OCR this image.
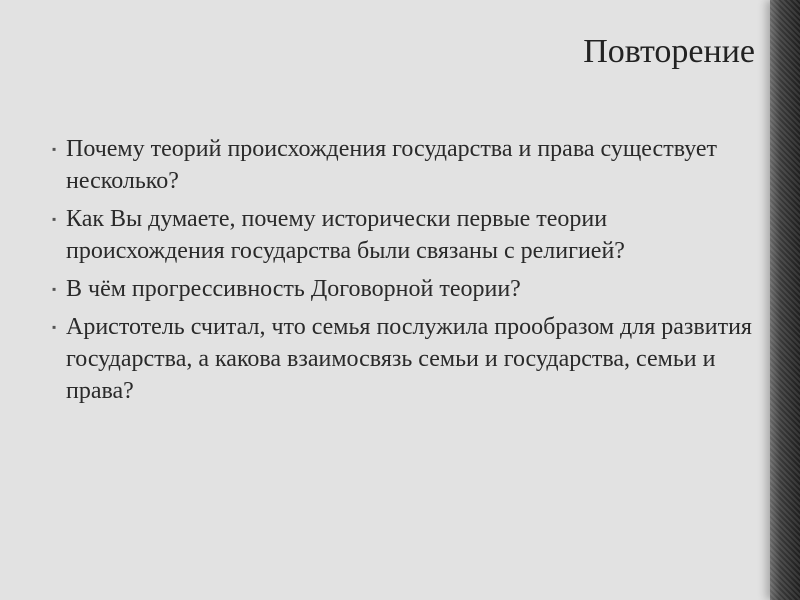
Повторение
▪ Почему теорий происхождения государства и права существует несколько?
▪ Как Вы думаете, почему исторически первые теории происхождения государства были связаны с религией?
▪ В чём прогрессивность Договорной теории?
▪ Аристотель считал, что семья послужила прообразом для развития государства, а какова взаимосвязь семьи и государства, семьи и права?
